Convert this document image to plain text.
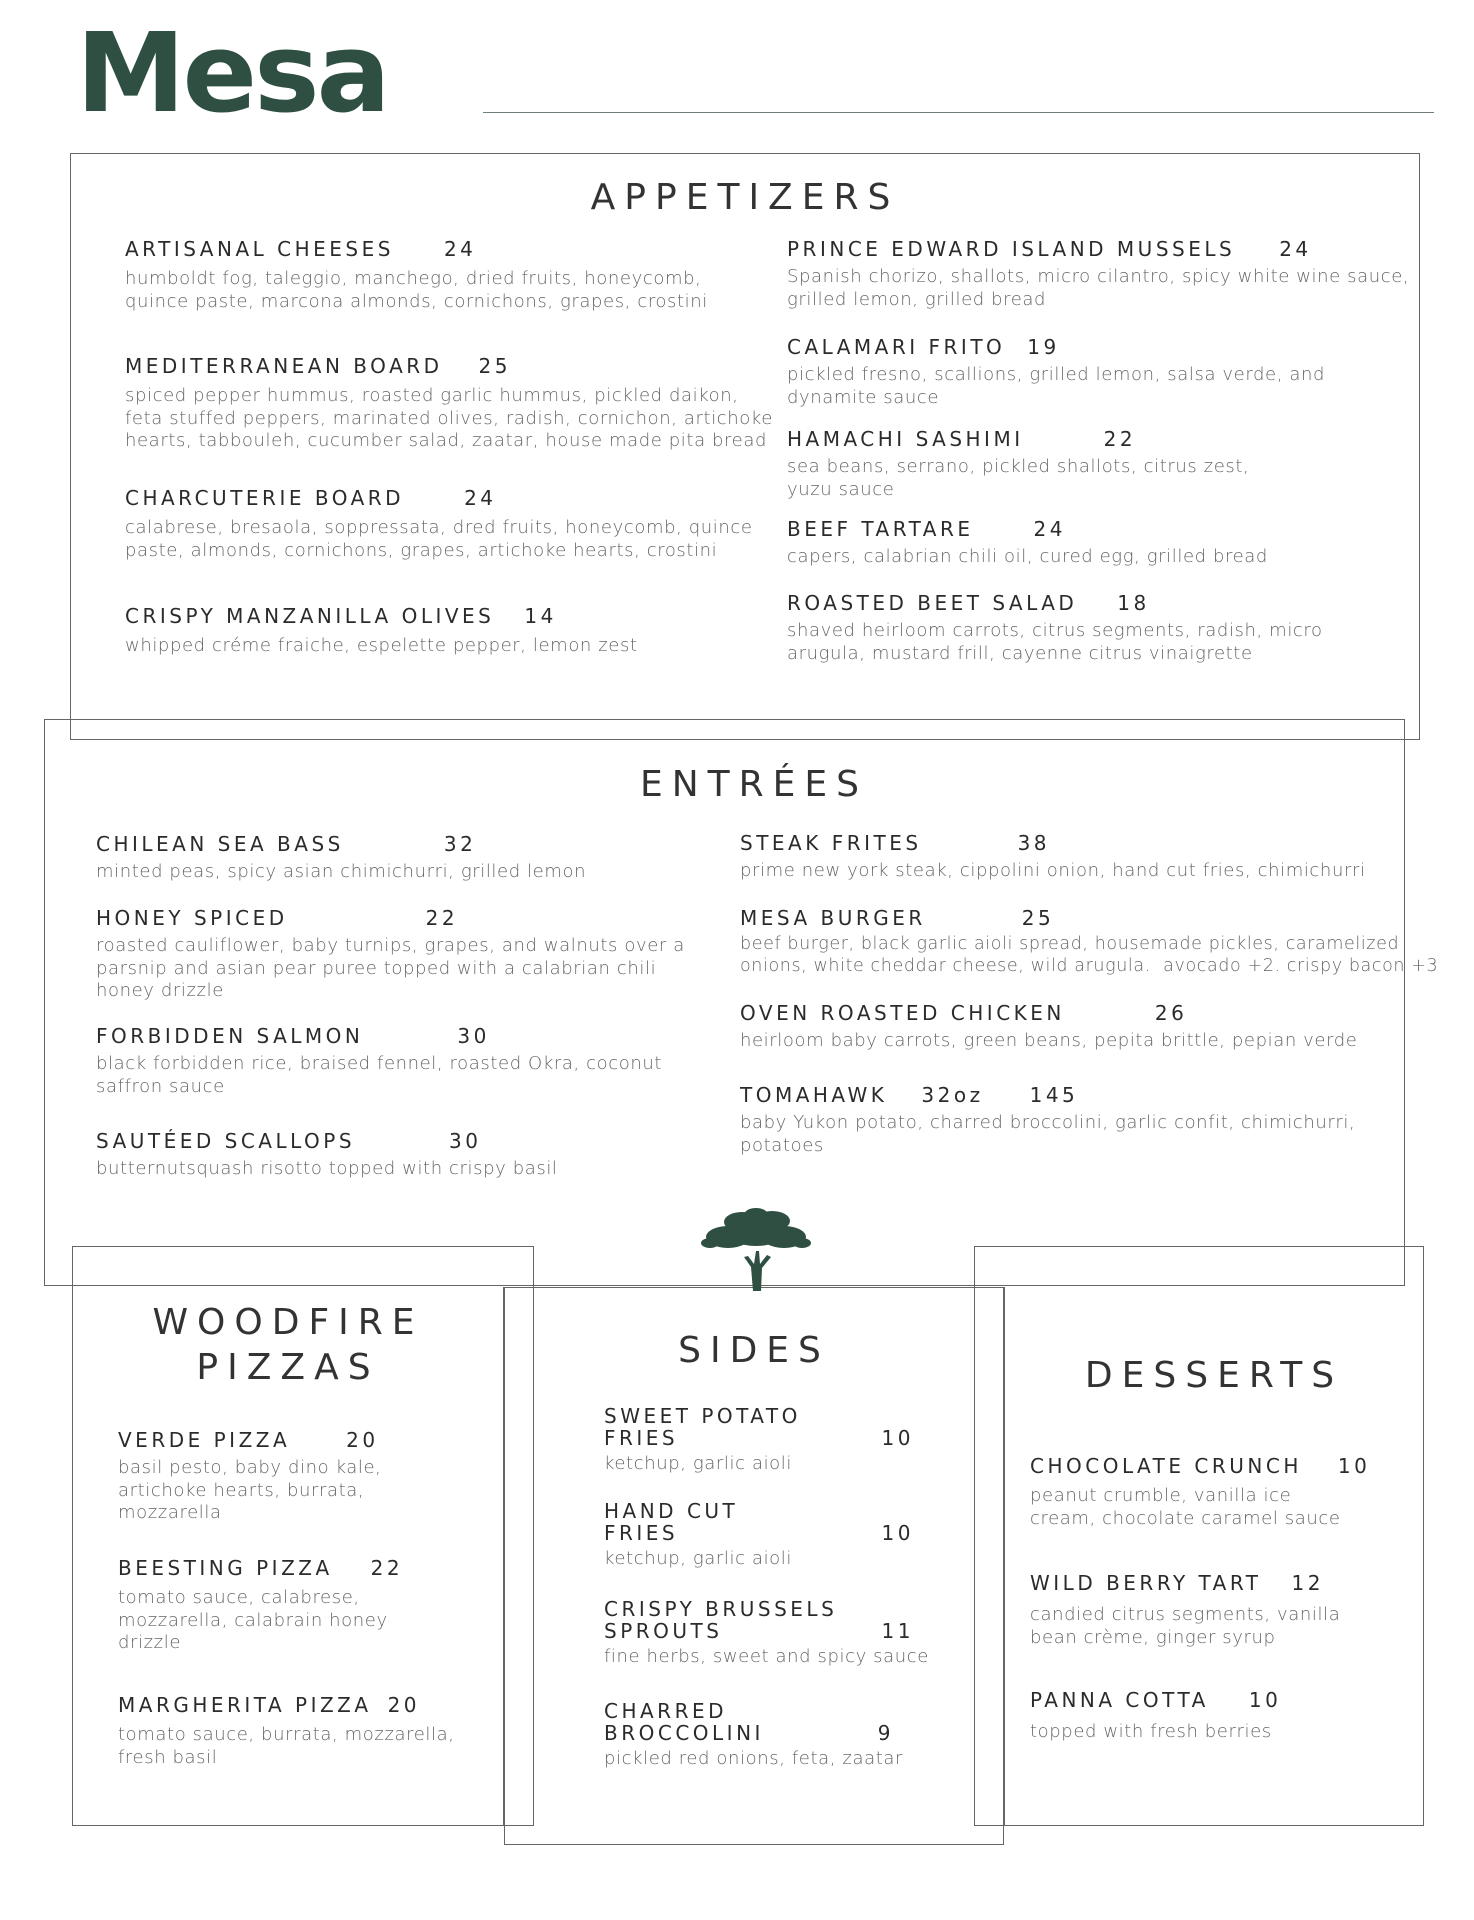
Mesa
APPETIZERS
ARTISANAL CHEESES	24
humboldt fog, taleggio, manchego, dried fruits, honeycomb,
quince paste, marcona almonds, cornichons, grapes, crostini
MEDITERRANEAN BOARD 25
spiced pepper hummus, roasted garlic hummus, pickled daikon,
feta stuffed peppers, marinated olives, radish, cornichon, artichoke
hearts, tabbouleh, cucumber salad, zaatar, house made pita bread
CHARCUTERIE BOARD	24
calabrese, bresaola, soppressata, dred fruits, honeycomb, quince
paste, almonds, cornichons, grapes, artichoke hearts, crostini
CRISPY MANZANILLA OLIVES 14
whipped créme fraiche, espelette pepper, lemon zest
PRINCE EDWARD ISLAND MUSSELS 24
Spanish chorizo, shallots, micro cilantro, spicy white wine sauce,
grilled lemon, grilled bread
CALAMARI FRITO 19
pickled fresno, scallions, grilled lemon, salsa verde, and
dynamite sauce
HAMACHI SASHIMI	22
sea beans, serrano, pickled shallots, citrus zest,
yuzu sauce
BEEF TARTARE	24
capers, calabrian chili oil, cured egg, grilled bread
ROASTED BEET SALAD 18
shaved heirloom carrots, citrus segments, radish, micro
arugula, mustard frill, cayenne citrus vinaigrette
ENTRÉES
CHILEAN SEA BASS	32
minted peas, spicy asian chimichurri, grilled lemon
HONEY SPICED	22
roasted cauliflower, baby turnips, grapes, and walnuts over a
parsnip and asian pear puree topped with a calabrian chili
honey drizzle
FORBIDDEN SALMON	30
black forbidden rice, braised fennel, roasted Okra, coconut
saffron sauce
SAUTÉED SCALLOPS	30
butternutsquash risotto topped with crispy basil
STEAK FRITES	38
prime new york steak, cippolini onion, hand cut fries, chimichurri
MESA BURGER	25
beef burger, black garlic aioli spread, housemade pickles, caramelized
onions, white cheddar cheese, wild arugula.  avocado +2. crispy bacon +3
OVEN ROASTED CHICKEN	26
heirloom baby carrots, green beans, pepita brittle, pepian verde
TOMAHAWK 32oz 145
baby Yukon potato, charred broccolini, garlic confit, chimichurri,
potatoes
WOODFIRE
PIZZAS
VERDE PIZZA	20
basil pesto, baby dino kale,
artichoke hearts, burrata,
mozzarella
BEESTING PIZZA 22
tomato sauce, calabrese,
mozzarella, calabrain honey
drizzle
MARGHERITA PIZZA 20
tomato sauce, burrata, mozzarella,
fresh basil
SIDES
SWEET POTATO
FRIES	10
ketchup, garlic aioli
HAND CUT
FRIES	10
ketchup, garlic aioli
CRISPY BRUSSELS
SPROUTS	11
fine herbs, sweet and spicy sauce
CHARRED
BROCCOLINI	9
pickled red onions, feta, zaatar
DESSERTS
CHOCOLATE CRUNCH 10
peanut crumble, vanilla ice
cream, chocolate caramel sauce
WILD BERRY TART 12
candied citrus segments, vanilla
bean crème, ginger syrup
PANNA COTTA 10
topped with fresh berries
